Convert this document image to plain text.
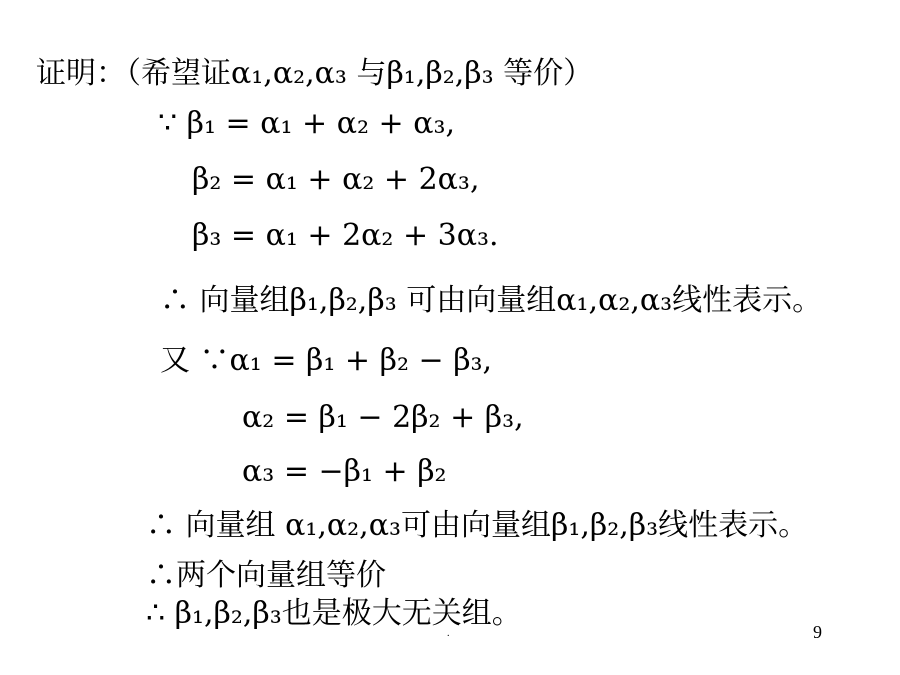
证明：（希望证α₁,α₂,α₃ 与β₁,β₂,β₃ 等价）
∵ β₁ = α₁ + α₂ + α₃,
β₂ = α₁ + α₂ + 2α₃,
β₃ = α₁ + 2α₂ + 3α₃.
∴ 向量组β₁,β₂,β₃ 可由向量组α₁,α₂,α₃线性表示。
又 ∵α₁ = β₁ + β₂ − β₃,
α₂ = β₁ − 2β₂ + β₃,
α₃ = −β₁ + β₂
∴ 向量组 α₁,α₂,α₃可由向量组β₁,β₂,β₃线性表示。
∴两个向量组等价
∴ β₁,β₂,β₃也是极大无关组。
.	9
